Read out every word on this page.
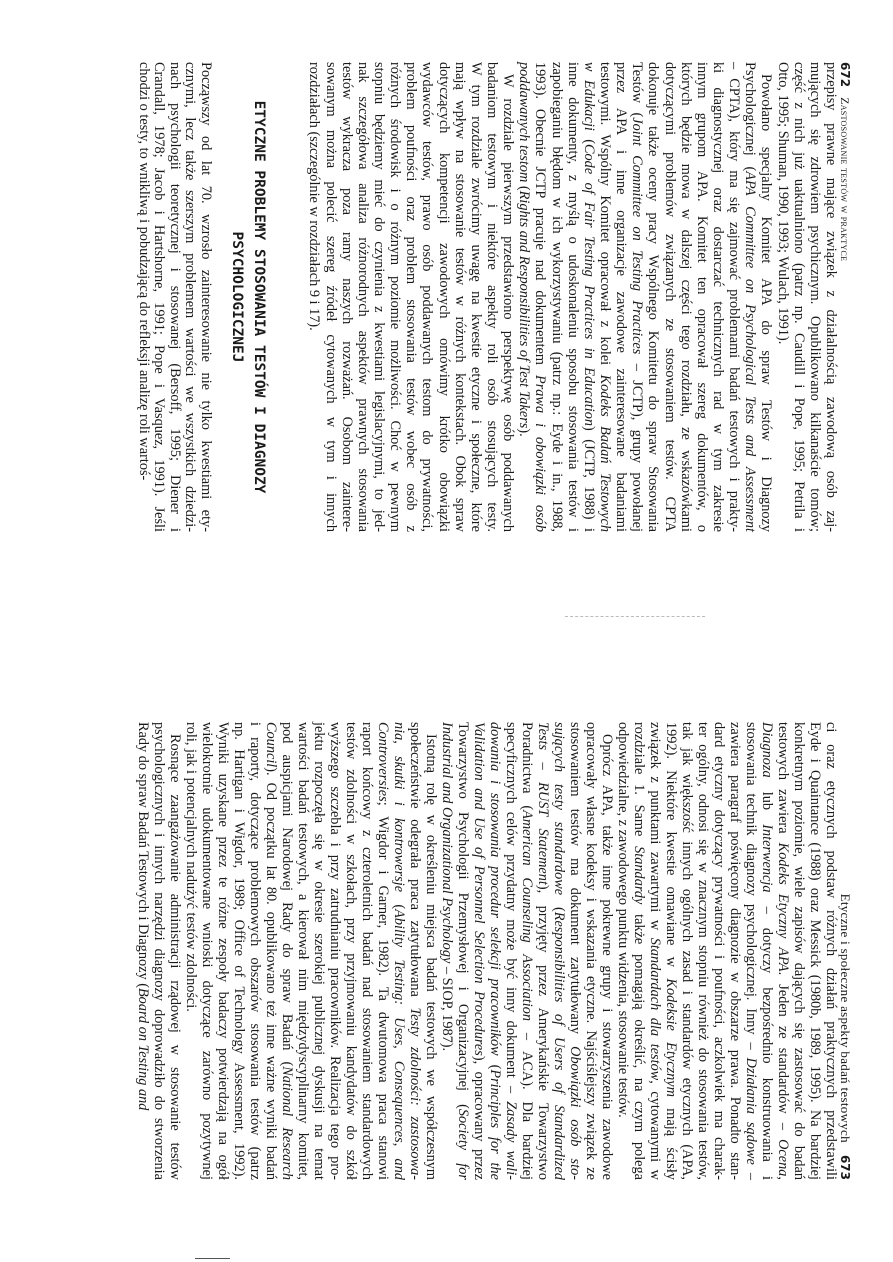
672Zastosowanie testów w praktyce
przepisy prawne mające związek z działalnością zawodową osób zaj-
mujących się zdrowiem psychicznym. Opublikowano kilkanaście tomów;
część z nich już uaktualniono (patrz np. Caudill i Pope, 1995; Petrila i
Otto, 1995; Shuman, 1990, 1993; Wulach, 1991).
Powołano specjalny Komitet APA do spraw Testów i Diagnozy
Psychologicznej (APA Committee on Psychological Tests and Assessment
– CPTA), który ma się zajmować problemami badań testowych i prakty-
ki diagnostycznej oraz dostarczać technicznych rad w tym zakresie
innym grupom APA. Komitet ten opracował szereg dokumentów, o
których będzie mowa w dalszej części tego rozdziału, ze wskazówkami
dotyczącymi problemów związanych ze stosowaniem testów. CPTA
dokonuje także oceny pracy Wspólnego Komitetu do spraw Stosowania
Testów (Joint Committee on Testing Practices – JCTP), grupy powołanej
przez APA i inne organizacje zawodowe zainteresowane badaniami
testowymi. Wspólny Komitet opracował z kolei Kodeks Badań Testowych
w Edukacji (Code of Fair Testing Practices in Education) (JCTP, 1988) i
inne dokumenty, z myślą o udoskonaleniu sposobu stosowania testów i
zapobieganiu błędom w ich wykorzystywaniu (patrz np.: Eyde i in., 1988,
1993). Obecnie JCTP pracuje nad dokumentem Prawa i obowiązki osób
poddawanych testom (Rights and Responsibilities of Test Takers).
W rozdziale pierwszym przedstawiono perspektywę osób poddawanych
badaniom testowym i niektóre aspekty roli osób stosujących testy.
W tym rozdziale zwrócimy uwagę na kwestie etyczne i społeczne, które
mają wpływ na stosowanie testów w różnych kontekstach. Obok spraw
dotyczących kompetencji zawodowych omówimy krótko obowiązki
wydawców testów, prawo osób poddawanych testom do prywatności,
problem poufności oraz problem stosowania testów wobec osób z
różnych środowisk i o różnym poziomie możliwości. Choć w pewnym
stopniu będziemy mieć do czynienia z kwestiami legislacyjnymi, to jed-
nak szczegółowa analiza różnorodnych aspektów prawnych stosowania
testów wykracza poza ramy naszych rozważań. Osobom zaintere-
sowanym można polecić szereg źródeł cytowanych w tym i innych
rozdziałach (szczególnie w rozdziałach 9 i 17).
ETYCZNE PROBLEMY STOSOWANIA TESTÓW I DIAGNOZY
PSYCHOLOGICZNEJ
Począwszy od lat 70. wzrosło zainteresowanie nie tylko kwestiami ety-
cznymi, lecz także szerszym problemem wartości we wszystkich dziedzi-
nach psychologii teoretycznej i stosowanej (Bersoff, 1995; Diener i
Crandall, 1978; Jacob i Hartshorne, 1991; Pope i Vasquez, 1991). Jeśli
chodzi o testy, to wnikliwą i pobudzającą do refleksji analizę roli wartoś-
Etyczne i społeczne aspekty badań testowych673
ci oraz etycznych podstaw różnych działań praktycznych przedstawili
Eyde i Quaintance (1988) oraz Messick (1980b, 1989, 1995). Na bardziej
konkretnym poziomie, wiele zapisów dających się zastosować do badań
testowych zawiera Kodeks Etyczny APA. Jeden ze standardów – Ocena,
Diagnoza lub Interwencja – dotyczy bezpośrednio konstruowania i
stosowania technik diagnozy psychologicznej. Inny – Działania sądowe –
zawiera paragraf poświęcony diagnozie w obszarze prawa. Ponadto stan-
dard etyczny dotyczący prywatności i poufności, aczkolwiek ma charak-
ter ogólny, odnosi się w znacznym stopniu również do stosowania testów,
tak jak większość innych ogólnych zasad i standardów etycznych (APA,
1992). Niektóre kwestie omawiane w Kodeksie Etycznym mają ścisły
związek z punktami zawartymi w Standardach dla testów, cytowanymi w
rozdziale 1. Same Standardy także pomagają określić, na czym polega
odpowiedzialne, z zawodowego punktu widzenia, stosowanie testów.
Oprócz APA, także inne pokrewne grupy i stowarzyszenia zawodowe
opracowały własne kodeksy i wskazania etyczne. Najściślejszy związek ze
stosowaniem testów ma dokument zatytułowany Obowiązki osób sto-
sujących testy standardowe (Responsibilities of Users of Standardized
Tests – RUST Statement), przyjęty przez Amerykańskie Towarzystwo
Poradnictwa (American Counseling Association – ACA). Dla bardziej
specyficznych celów przydatny może być inny dokument – Zasady wali-
dowania i stosowania procedur selekcji pracowników (Principles for the
Validation and Use of Personnel Selection Procedures), opracowany przez
Towarzystwo Psychologii Przemysłowej i Organizacyjnej (Society for
Industrial and Organizational Psychology – SIOP, 1987).
Istotną rolę w określeniu miejsca badań testowych we współczesnym
społeczeństwie odegrała praca zatytułowana Testy zdolności: zastosowa-
nia, skutki i kontrowersje (Ability Testing: Uses, Consequences, and
Controversies; Wigdor i Garner, 1982). Ta dwutomowa praca stanowi
raport końcowy z czteroletnich badań nad stosowaniem standardowych
testów zdolności w szkołach, przy przyjmowaniu kandydatów do szkół
wyższego szczebla i przy zatrudnianiu pracowników. Realizacja tego pro-
jektu rozpoczęła się w okresie szerokiej publicznej dyskusji na temat
wartości badań testowych, a kierował nim międzydyscyplinarny komitet,
pod auspicjami Narodowej Rady do spraw Badań (National Research
Council). Od początku lat 80. opublikowano też inne ważne wyniki badań
i raporty, dotyczące problemowych obszarów stosowania testów (patrz
np. Hartigan i Wigdor, 1989; Office of Technology Assessment, 1992).
Wyniki uzyskane przez te różne zespoły badaczy potwierdzają na ogół
wielokrotnie udokumentowane wnioski dotyczące zarówno pozytywnej
roli, jak i potencjalnych nadużyć testów zdolności.
Rosnące zaangażowanie administracji rządowej w stosowanie testów
psychologicznych i innych narzędzi diagnozy doprowadziło do stworzenia
Rady do spraw Badań Testowych i Diagnozy (Board on Testing and
